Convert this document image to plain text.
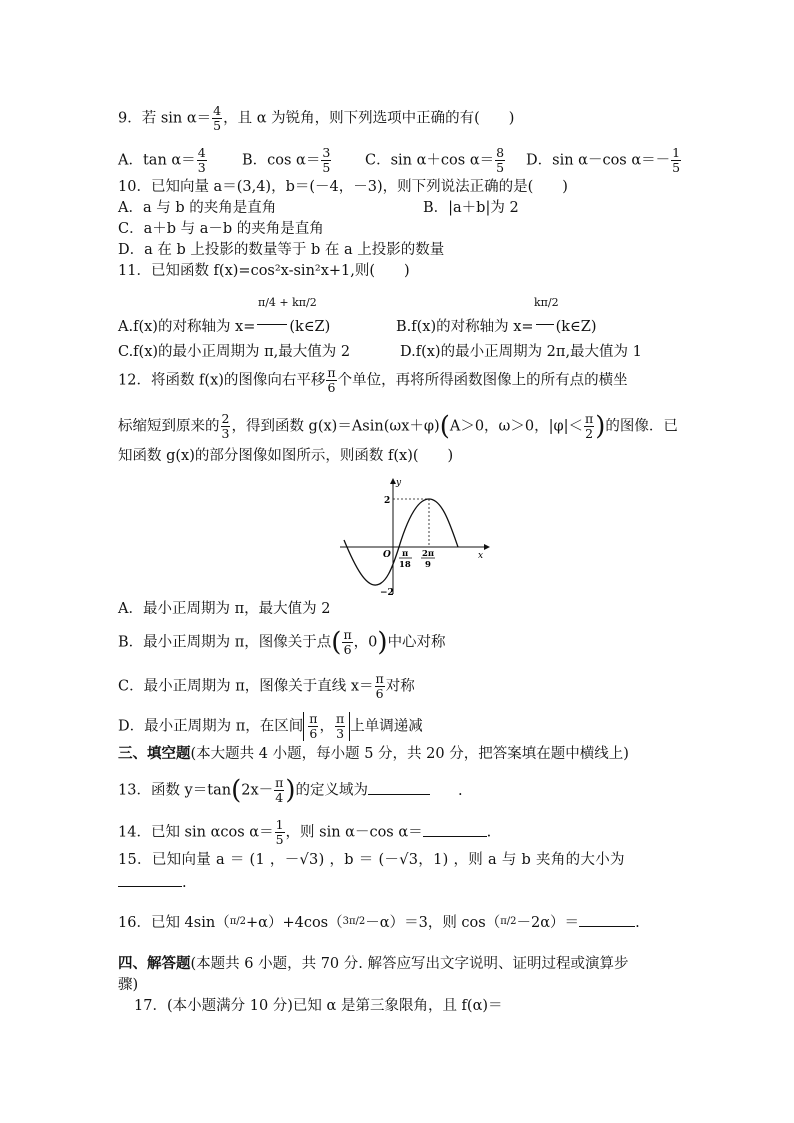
9．若 $\sin \alpha= \frac{4}{5}$ ，且 α 为锐角，则下列选项中正确的有(　　)
A．$\tan \alpha= \frac{4}{3}$ B．$\cos \alpha= \frac{3}{5}$ C．sin α＋cos $\alpha= \frac{8}{5}$ D．sin α－cos $\alpha=- \frac{1}{5}$
10．已知向量 a＝(3,4)，b＝(－4，－3)，则下列说法正确的是(　　)
A．a 与 b 的夹角是直角	B．|a＋b|为 2
C．a＋b 与 a－b 的夹角是直角
D．a 在 b 上投影的数量等于 b 在 a 上投影的数量
11．已知函数 f(x)=cos²x-sin²x+1,则(　　)
π/4 + kπ/2
A.f(x)的对称轴为 x= (k∈Z)
kπ/2
B.f(x)的对称轴为 x= (k∈Z)
C.f(x)的最小正周期为 π,最大值为 2	D.f(x)的最小正周期为 2π,最大值为 1
12．将函数 f(x)的图像向右平移 $\frac{\pi}{6}$ 个单位，再将所得函数图像上的所有点的横坐
标缩短到原来的 $\frac{2}{3}$ ，得到函数 g(x)＝Asin(ωx＋φ)(A＞0，ω＞0，$|\varphi|< \frac{\pi}{2}$ )的图像．已
知函数 g(x)的部分图像如图所示，则函数 f(x)(　　)
y
x
O
2
−2
π
18
2π
9
A．最小正周期为 π，最大值为 2
B．最小正周期为 π，图像关于点( $\frac{\pi}{6}$ ，0)中心对称
C．最小正周期为 π，图像关于直线 $x= \frac{\pi}{6}$ 对称
D．最小正周期为 π，在区间 $\frac{\pi}{6}$ ， $\frac{\pi}{3}$ 上单调递减
三、填空题(本大题共 4 小题，每小题 5 分，共 20 分，把答案填在题中横线上)
13．函数 $y=\tan(2x- \frac{\pi}{4}$ )的定义域为	.
14．已知 sin αcos $\alpha= \frac{1}{5}$ ，则 sin α－cos α＝	.
15．已知向量 a ＝ (1 ，－√3) ，b ＝ (－√3，1) ，则 a 与 b 夹角的大小为
.
16．已知 4sin（$^{\pi/2}$+α）+4cos（$^{3\pi/2}$－α）＝3，则 cos（$^{\pi/2}$－2α）＝	.
四、解答题(本题共 6 小题，共 70 分. 解答应写出文字说明、证明过程或演算步
骤)
17．(本小题满分 10 分)已知 α 是第三象限角，且 f(α)＝
